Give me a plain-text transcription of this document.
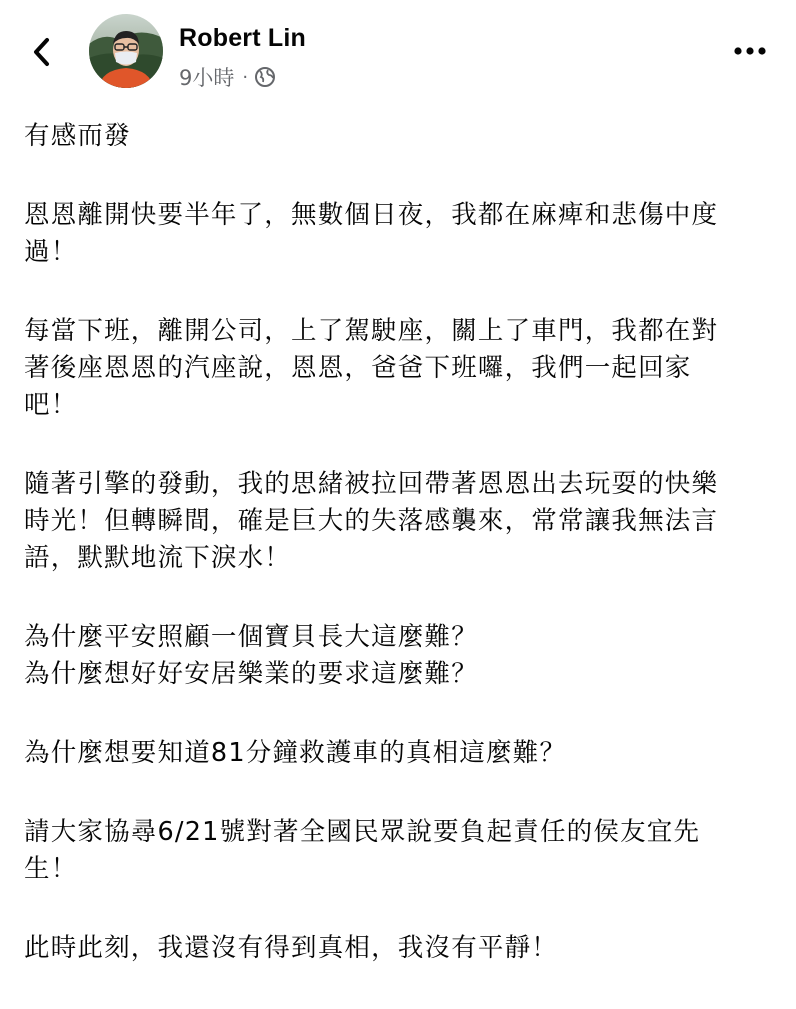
Robert Lin
9小時 ·

有感而發

恩恩離開快要半年了，無數個日夜，我都在麻痺和悲傷中度
過！

每當下班，離開公司，上了駕駛座，關上了車門，我都在對
著後座恩恩的汽座說，恩恩，爸爸下班囉，我們一起回家
吧！

隨著引擎的發動，我的思緒被拉回帶著恩恩出去玩耍的快樂
時光！但轉瞬間，確是巨大的失落感襲來，常常讓我無法言
語，默默地流下淚水！

為什麼平安照顧一個寶貝長大這麼難？
為什麼想好好安居樂業的要求這麼難？

為什麼想要知道81分鐘救護車的真相這麼難？

請大家協尋6/21號對著全國民眾說要負起責任的侯友宜先
生！

此時此刻，我還沒有得到真相，我沒有平靜！
